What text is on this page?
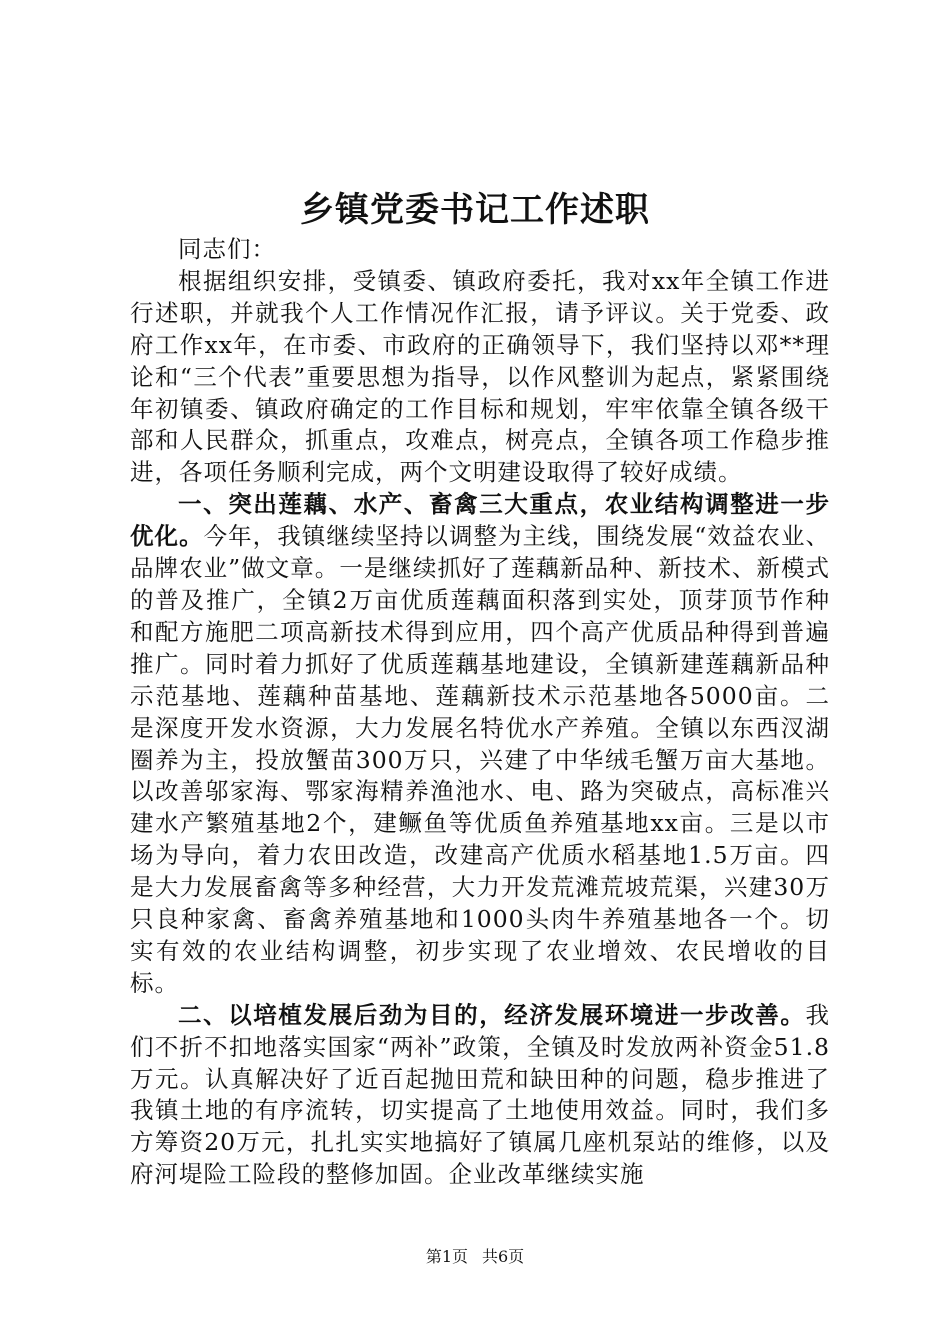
乡镇党委书记工作述职

同志们：

根据组织安排，受镇委、镇政府委托，我对xx年全镇工作进行述职，并就我个人工作情况作汇报，请予评议。关于党委、政府工作xx年，在市委、市政府的正确领导下，我们坚持以邓**理论和“三个代表”重要思想为指导，以作风整训为起点，紧紧围绕年初镇委、镇政府确定的工作目标和规划，牢牢依靠全镇各级干部和人民群众，抓重点，攻难点，树亮点，全镇各项工作稳步推进，各项任务顺利完成，两个文明建设取得了较好成绩。

一、突出莲藕、水产、畜禽三大重点，农业结构调整进一步优化。今年，我镇继续坚持以调整为主线，围绕发展“效益农业、品牌农业”做文章。一是继续抓好了莲藕新品种、新技术、新模式的普及推广，全镇2万亩优质莲藕面积落到实处，顶芽顶节作种和配方施肥二项高新技术得到应用，四个高产优质品种得到普遍推广。同时着力抓好了优质莲藕基地建设，全镇新建莲藕新品种示范基地、莲藕种苗基地、莲藕新技术示范基地各5000亩。二是深度开发水资源，大力发展名特优水产养殖。全镇以东西汊湖圈养为主，投放蟹苗300万只，兴建了中华绒毛蟹万亩大基地。以改善邬家海、鄂家海精养渔池水、电、路为突破点，高标准兴建水产繁殖基地2个，建鳜鱼等优质鱼养殖基地xx亩。三是以市场为导向，着力农田改造，改建高产优质水稻基地1.5万亩。四是大力发展畜禽等多种经营，大力开发荒滩荒坡荒渠，兴建30万只良种家禽、畜禽养殖基地和1000头肉牛养殖基地各一个。切实有效的农业结构调整，初步实现了农业增效、农民增收的目标。

二、以培植发展后劲为目的，经济发展环境进一步改善。我们不折不扣地落实国家“两补”政策，全镇及时发放两补资金51.8万元。认真解决好了近百起抛田荒和缺田种的问题，稳步推进了我镇土地的有序流转，切实提高了土地使用效益。同时，我们多方筹资20万元，扎扎实实地搞好了镇属几座机泵站的维修，以及府河堤险工险段的整修加固。企业改革继续实施

第1页 共6页
